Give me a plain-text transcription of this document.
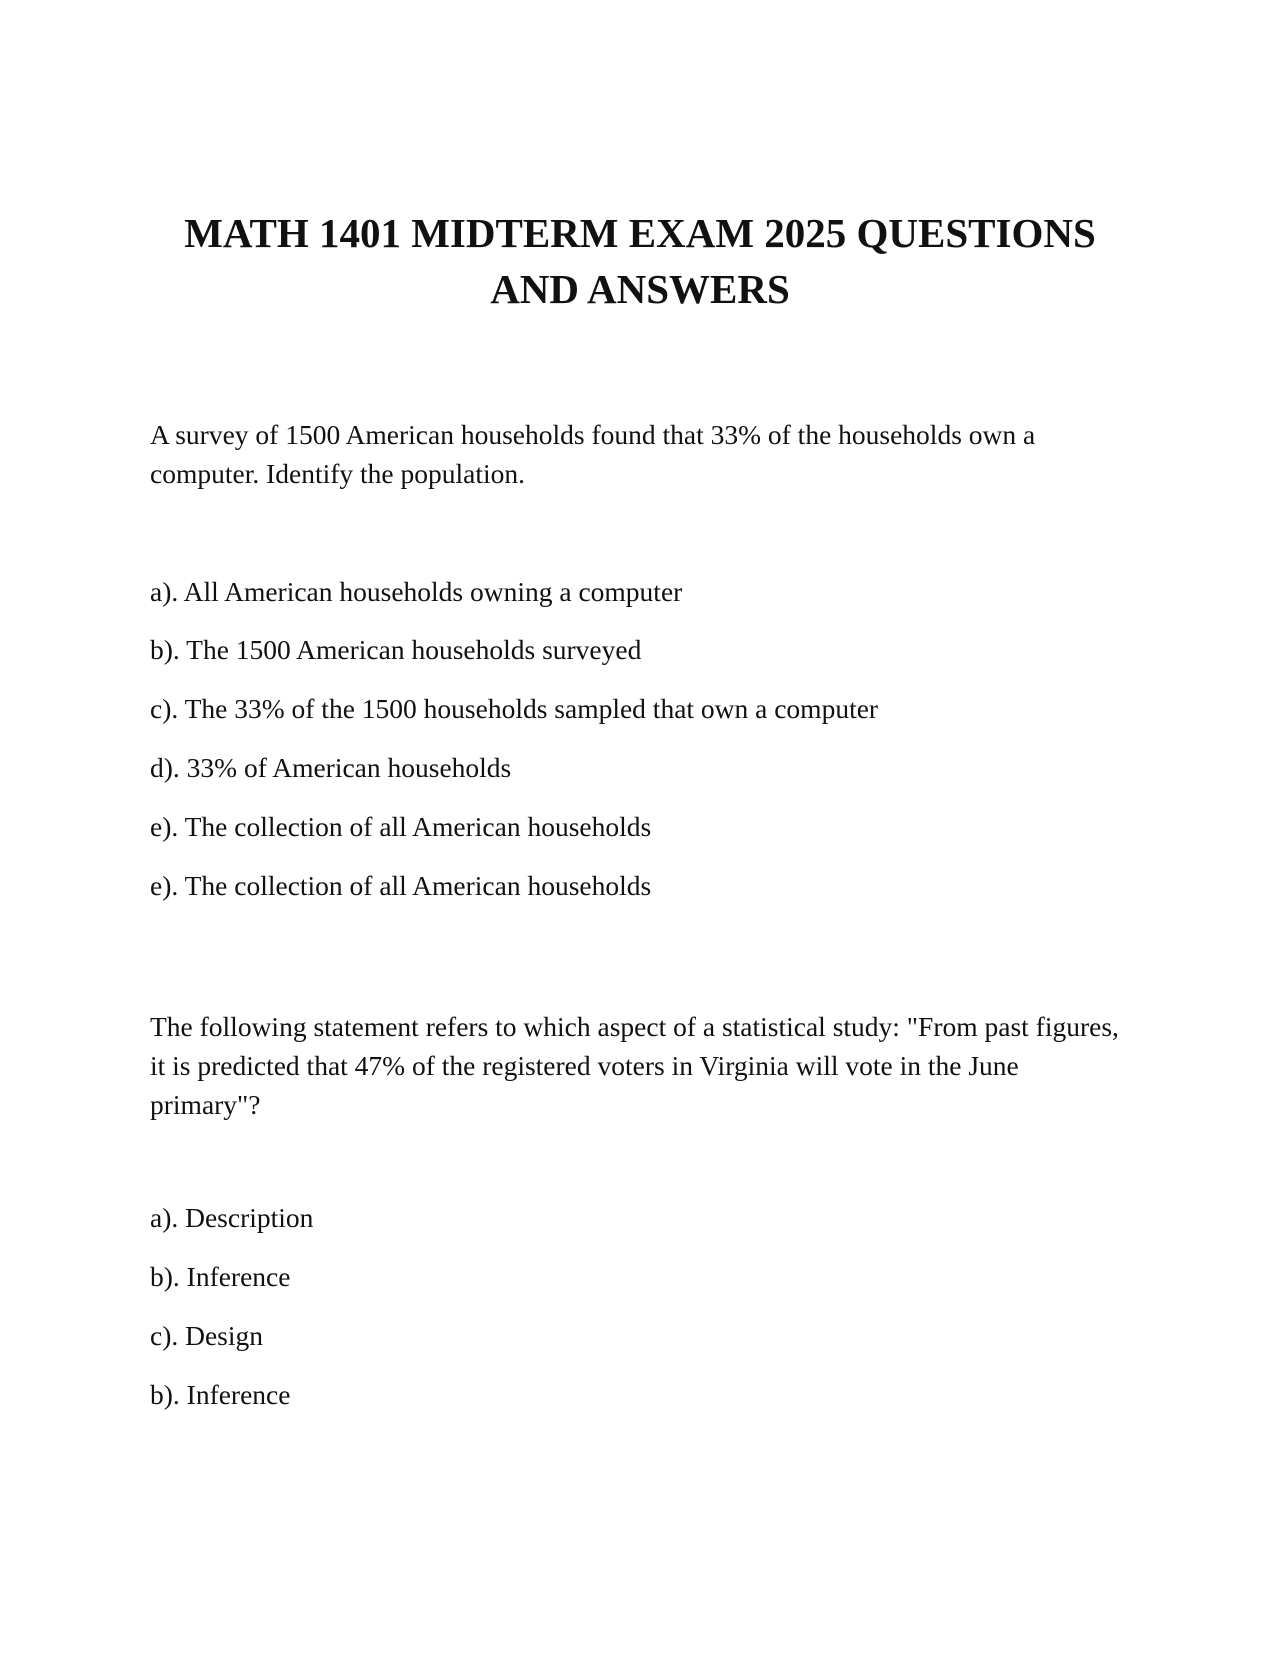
MATH 1401 MIDTERM EXAM 2025 QUESTIONS AND ANSWERS

A survey of 1500 American households found that 33% of the households own a computer. Identify the population.

a). All American households owning a computer

b). The 1500 American households surveyed

c). The 33% of the 1500 households sampled that own a computer

d). 33% of American households

e). The collection of all American households

e). The collection of all American households

The following statement refers to which aspect of a statistical study: "From past figures, it is predicted that 47% of the registered voters in Virginia will vote in the June primary"?

a). Description

b). Inference

c). Design

b). Inference
